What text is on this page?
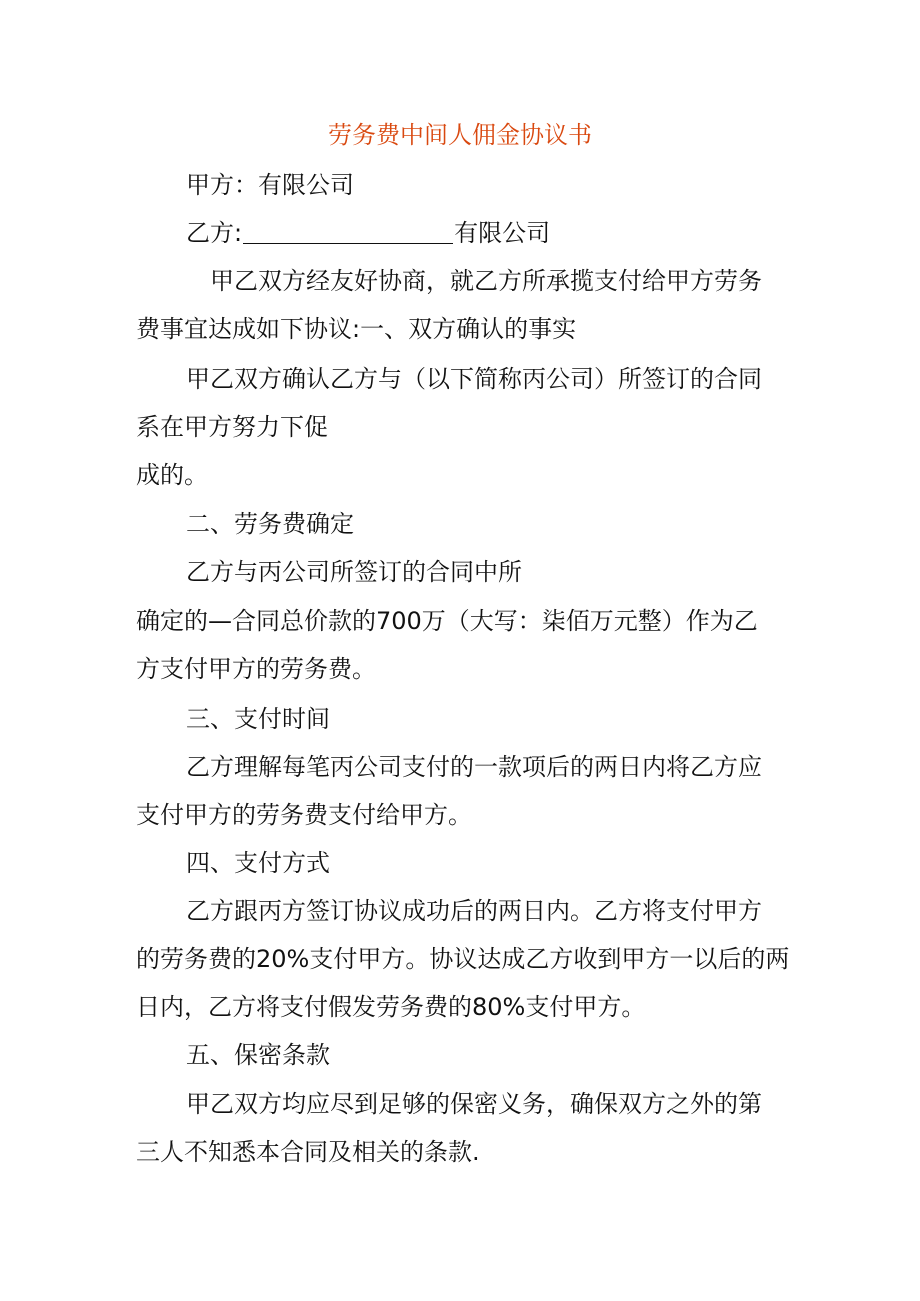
劳务费中间人佣金协议书
甲方：有限公司
乙方:	有限公司
甲乙双方经友好协商，就乙方所承揽支付给甲方劳务
费事宜达成如下协议:一、双方确认的事实
甲乙双方确认乙方与（以下简称丙公司）所签订的合同
系在甲方努力下促
成的。
二、劳务费确定
乙方与丙公司所签订的合同中所
确定的—合同总价款的700万（大写：柒佰万元整）作为乙
方支付甲方的劳务费。
三、支付时间
乙方理解每笔丙公司支付的一款项后的两日内将乙方应
支付甲方的劳务费支付给甲方。
四、支付方式
乙方跟丙方签订协议成功后的两日内。乙方将支付甲方
的劳务费的20%支付甲方。协议达成乙方收到甲方一以后的两
日内，乙方将支付假发劳务费的80%支付甲方。
五、保密条款
甲乙双方均应尽到足够的保密义务，确保双方之外的第
三人不知悉本合同及相关的条款.
